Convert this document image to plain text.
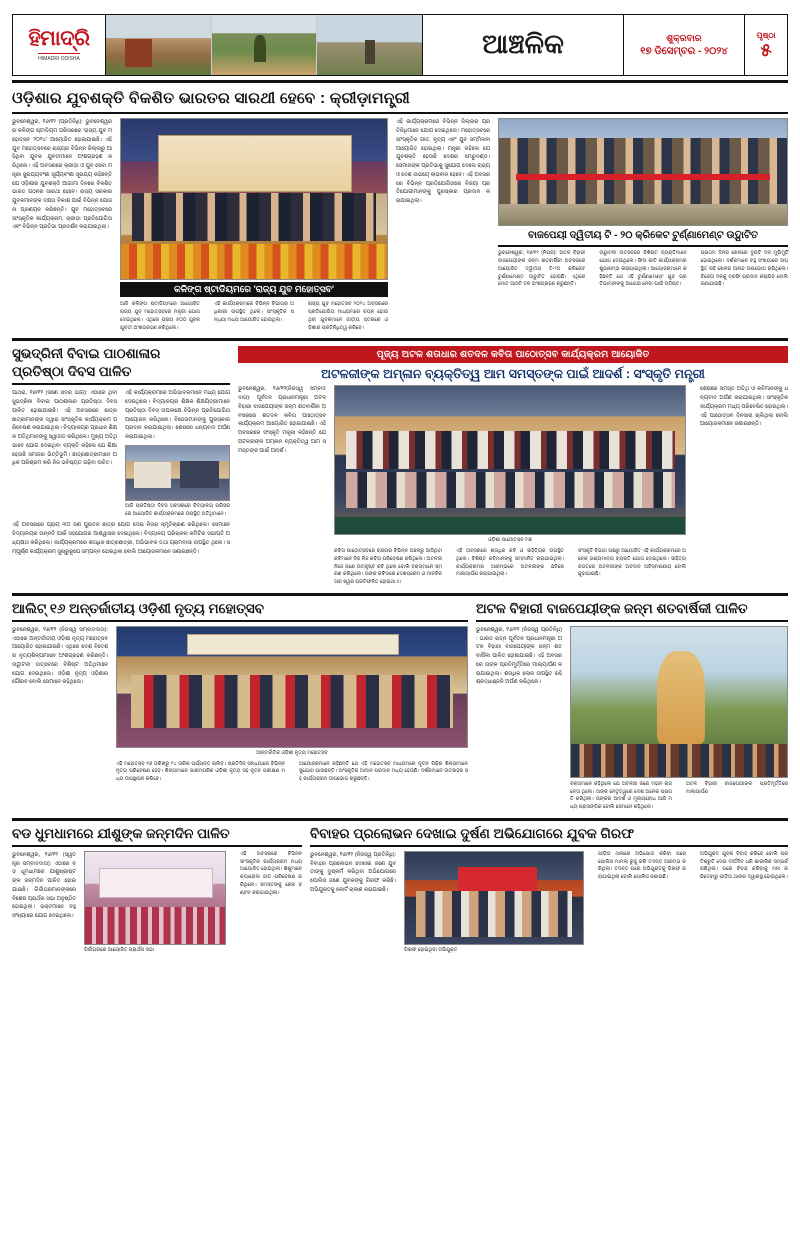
ହିମାଦ୍ରି
HIMADRI ODISHA	ଆଞ୍ଚଳିକ	ଶୁକ୍ରବାର
୧୭ ଡିସେମ୍ବର - ୨୦୨୪
ପୃଷ୍ଠା
୫
ଓଡ଼ିଶାର ଯୁବଶକ୍ତି ବିକଶିତ ଭାରତର ସାରଥୀ ହେବେ : କ୍ରୀଡ଼ାମନ୍ତ୍ରୀ
ଭୁବନେଶ୍ୱର, ୧୬/୧୨ (ପ୍ରତିନିଧି): ଭୁବନେଶ୍ୱରର କଳିଙ୍ଗ ଷ୍ଟାଡିୟମ ପରିସରରେ 'ରାଜ୍ୟ ଯୁବ ମହୋତ୍ସବ ୨୦୨୪' ଆୟୋଜିତ ହୋଇଯାଇଛି। ଏହି ଯୁବ ମହୋତ୍ସବରେ ରାଜ୍ୟର ବିଭିନ୍ନ ଜିଲ୍ଲାରୁ ଆସିଥିବା ଯୁବକ ଯୁବତୀମାନେ ଅଂଶଗ୍ରହଣ କରିଥିଲେ। ଏହି ଅବସରରେ କ୍ରୀଡ଼ା ଓ ଯୁବ ସେବା ମନ୍ତ୍ରୀ ସୁରଯ୍ୟବଂଶୀ ସୂର୍ଯ୍ୟବଂଶୀ ସୂରଯ୍ୟ କହିଛନ୍ତି ଯେ ଓଡ଼ିଶାର ଯୁବଶକ୍ତି ଆଗାମୀ ଦିନରେ ବିକଶିତ ଭାରତ ଗଠନର ସାରଥୀ ହେବେ। ରାଜ୍ୟ ସରକାର ଯୁବକମାନଙ୍କ ଦକ୍ଷତା ବିକାଶ ପାଇଁ ବିଭିନ୍ନ ଯୋଜନା ପ୍ରଣୟନ କରିଛନ୍ତି। ଯୁବ ମହୋତ୍ସବରେ ସାଂସ୍କୃତିକ କାର୍ଯ୍ୟକ୍ରମ, କ୍ରୀଡ଼ା ପ୍ରତିଯୋଗିତା ଏବଂ ବିଭିନ୍ନ ପ୍ରତିଭା ପ୍ରଦର୍ଶନ କରାଯାଇଥିଲା।
କଳିଙ୍ଗ ଷ୍ଟାଡିୟମରେ 'ରାଜ୍ୟ ଯୁବ ମହୋତ୍ସବ'
ଆଜି କଳିଙ୍ଗ ଷ୍ଟାଡିୟମରେ ଆୟୋଜିତ ରାଜ୍ୟ ଯୁବ ମହୋତ୍ସବରେ ମନ୍ତ୍ରୀ ଯୋଗ ଦେଇଥିଲେ। ଏଥିରେ ପ୍ରାୟ ୫୦୦ ଯୁବକ ଯୁବତୀ ଅଂଶଗ୍ରହଣ କରିଥିଲେ।
ଏହି କାର୍ଯ୍ୟକ୍ରମରେ ବିଭିନ୍ନ ବିଭାଗର ଅଧିକାରୀ ଉପସ୍ଥିତ ଥିଲେ। ସାଂସ୍କୃତିକ ସନ୍ଧ୍ୟା ମଧ୍ୟ ଆୟୋଜିତ ହୋଇଥିଲା।
ରାଜ୍ୟ ଯୁବ ମହୋତ୍ସବ ୨୦୨୪ ଅବସରରେ ପ୍ରତିଯୋଗିତା ମାଧ୍ୟମରେ ଚୟନ ହୋଇଥିବା ଯୁବକମାନେ ଜାତୀୟ ସ୍ତରରେ ଓଡ଼ିଶାର ପ୍ରତିନିଧିତ୍ୱ କରିବେ।
ଏହି କାର୍ଯ୍ୟକ୍ରମରେ ବିଭିନ୍ନ ଜିଲ୍ଲାର ପ୍ରତିନିଧିମାନେ ଯୋଗ ଦେଇଥିଲେ। ମହୋତ୍ସବରେ ସାଂସ୍କୃତିକ ଗୀତ, ନୃତ୍ୟ ଏବଂ ଯୁବ ସମ୍ମିଳନୀ ଆୟୋଜିତ ହୋଇଥିଲା। ମନ୍ତ୍ରୀ କହିଲେ ଯେ ଯୁବଶକ୍ତି ହେଉଛି ଦେଶର ମେରୁଦଣ୍ଡ। ସେମାନଙ୍କ ପ୍ରତିଭାକୁ ସୁଯୋଗ ଦେଲେ ରାଜ୍ୟ ଓ ଦେଶ ଉଭୟେ ଲାଭବାନ ହେବେ। ଏହି ଅବସରରେ ବିଭିନ୍ନ ପ୍ରତିଯୋଗିତାରେ ବିଜୟୀ ପ୍ରତିଯୋଗୀମାନଙ୍କୁ ପୁରସ୍କାର ପ୍ରଦାନ କରାଯାଇଥିଲା।
ବାଜପେୟୀ ଦ୍ୱିତୀୟ ଟି - ୨୦ କ୍ରିକେଟ ଟୁର୍ଣ୍ଣାମେଣ୍ଟ ଉଦ୍ଘାଟିତ
ଭୁବନେଶ୍ୱର, ୧୬/୧୨ (ନିପ୍ର): ଅଟଳ ବିହାରୀ ବାଜପେୟୀଙ୍କ ଜନ୍ମ ଶତବାର୍ଷିକୀ ଅବସରରେ ଆୟୋଜିତ ଦ୍ୱିତୀୟ ଟି-୨୦ କ୍ରିକେଟ ଟୁର୍ଣ୍ଣାମେଣ୍ଟ ଉଦ୍ଘାଟିତ ହୋଇଛି। ଏଥିରେ ମୋଟ ଆଠଟି ଦଳ ଅଂଶଗ୍ରହଣ କରୁଛନ୍ତି।
ଉଦ୍ଘାଟନୀ ଉତ୍ସବରେ ବିଶିଷ୍ଟ ବ୍ୟକ୍ତିମାନେ ଯୋଗ ଦେଇଥିଲେ। ଫିତା କାଟି କାର୍ଯ୍ୟକ୍ରମର ଶୁଭାରମ୍ଭ କରାଯାଇଥିଲା। ଆୟୋଜକମାନେ କହିଛନ୍ତି ଯେ ଏହି ଟୁର୍ଣ୍ଣାମେଣ୍ଟ ଯୁବ ପ୍ରତିଭାମାନଙ୍କୁ ଆଗେଇ ନେବା ପାଇଁ ଉଦ୍ଦିଷ୍ଟ।
ପ୍ରଥମ ଦିନର ଖେଳରେ ଦୁଇଟି ଦଳ ମୁହାଁମୁହିଁ ହୋଇଥିଲେ। ଦର୍ଶକମାନେ ବହୁ ସଂଖ୍ୟାରେ ଉପସ୍ଥିତ ରହି ଖେଳର ଆନନ୍ଦ ଉପଭୋଗ କରିଥିଲେ। ବିଜେତା ଦଳକୁ ଟ୍ରଫି ପ୍ରଦାନ କରାଯିବ ବୋଲି ଜଣାଯାଇଛି।
ସୁଭଦ୍ରିନୀ ବିବାଇ ପାଠଶାଳାର
ପ୍ରତିଷ୍ଠା ଦିବସ ପାଳିତ
ପାଥରା, ୧୬/୧୨ (ଜଣେ ସଦର ଭାଗ): ଏଠାରେ ଥିବା ସୁଭଦ୍ରିନୀ ବିବାଇ ପାଠଶାଳାର ପ୍ରତିଷ୍ଠା ଦିବସ ପାଳିତ ହୋଇଯାଇଛି। ଏହି ଅବସରରେ ଛାତ୍ରଛାତ୍ରୀମାନଙ୍କ ଦ୍ୱାରା ସାଂସ୍କୃତିକ କାର୍ଯ୍ୟକ୍ରମ ପରିବେଷଣ କରାଯାଇଥିଲା। ବିଦ୍ୟାଳୟର ପ୍ରଧାନ ଶିକ୍ଷକ ଅତିଥିମାନଙ୍କୁ ସ୍ୱାଗତ କରିଥିଲେ। ମୁଖ୍ୟ ଅତିଥି ଭାବେ ଯୋଗ ଦେଇଥିବା ବ୍ୟକ୍ତି କହିଲେ ଯେ ଶିକ୍ଷା ହେଉଛି ସମାଜର ଭିତ୍ତିଭୂମି। ଛାତ୍ରଛାତ୍ରୀମାନେ ଅଧିକ ପରିଶ୍ରମ କରି ନିଜ ଭବିଷ୍ୟତ ଗଢ଼ିବା ଉଚିତ।
ଏହି କାର୍ଯ୍ୟକ୍ରମରେ ଅଭିଭାବକମାନେ ମଧ୍ୟ ଯୋଗ ଦେଇଥିଲେ। ବିଦ୍ୟାଳୟର ଶିକ୍ଷକ ଶିକ୍ଷୟିତ୍ରୀମାନେ ପ୍ରତିଷ୍ଠା ଦିବସ ଉପଲକ୍ଷେ ବିଭିନ୍ନ ପ୍ରତିଯୋଗିତା ଆୟୋଜନ କରିଥିଲେ। ବିଜେତାମାନଙ୍କୁ ପୁରସ୍କାର ପ୍ରଦାନ କରାଯାଇଥିଲା। ଶେଷରେ ଧନ୍ୟବାଦ ଅର୍ପଣ କରାଯାଇଥିଲା।
ଆଜି ପ୍ରତିଷ୍ଠା ଦିବସ ଅବସରରେ ବିଦ୍ୟାଳୟ ପରିସରରେ ଆୟୋଜିତ କାର୍ଯ୍ୟକ୍ରମରେ ଉପସ୍ଥିତ ଅତିଥିମାନେ।
ଏହି ଅବସରରେ ପ୍ରାୟ ୩୦ ଜଣ ପୁରାତନ ଛାତ୍ର ଯୋଗ ଦେଇ ନିଜର ସ୍ମୃତିଚାରଣ କରିଥିଲେ। ସେମାନେ ବିଦ୍ୟାଳୟର ଉନ୍ନତି ପାଇଁ ସହଯୋଗର ଆଶ୍ୱାସନା ଦେଇଥିଲେ। ବିଦ୍ୟାଳୟ ପରିଚାଳନା କମିଟିର ସଭାପତି ଅଧ୍ୟକ୍ଷତା କରିଥିଲେ। କାର୍ଯ୍ୟକ୍ରମରେ ଶତାଧିକ ଛାତ୍ରଛାତ୍ରୀ, ଅଭିଭାବକ ତଥା ଗ୍ରାମବାସୀ ଉପସ୍ଥିତ ଥିଲେ। ସମ୍ପୂର୍ଣ୍ଣ କାର୍ଯ୍ୟକ୍ରମ ସୁଚାରୁରୂପେ ସମ୍ପନ୍ନ ହୋଇଥିଲା ବୋଲି ଆୟୋଜକମାନେ ଜଣାଇଛନ୍ତି।
ପୂଜ୍ୟ ଅଟଳ ଶତାଧାର ଶତଦଳ କବିତା ପାଠୋତ୍ସବ କାର୍ଯ୍ୟକ୍ରମ ଆୟୋଜିତ
ଅଟଳଜୀଙ୍କ ଅମ୍ଳାନ ବ୍ୟକ୍ତିତ୍ୱ ଆମ ସମସ୍ତଙ୍କ ପାଇଁ ଆଦର୍ଶ : ସଂସ୍କୃତି ମନ୍ତ୍ରୀ
ଭୁବନେଶ୍ୱର, ୧୬/୧୨(ନିଜସ୍ୱ ସମ୍ବାଦଦାତା): ପୂର୍ବତନ ପ୍ରଧାନମନ୍ତ୍ରୀ ଅଟଳ ବିହାରୀ ବାଜପେୟୀଙ୍କ ଜନ୍ମ ଶତବାର୍ଷିକୀ ଅବସରରେ ଶତଦଳ କବିତା ପାଠୋତ୍ସବ କାର୍ଯ୍ୟକ୍ରମ ଆୟୋଜିତ ହୋଇଯାଇଛି। ଏହି ଅବସରରେ ସଂସ୍କୃତି ମନ୍ତ୍ରୀ କହିଛନ୍ତି ଯେ ଅଟଳଜୀଙ୍କ ଅମ୍ଳାନ ବ୍ୟକ୍ତିତ୍ୱ ଆମ ସମସ୍ତଙ୍କ ପାଇଁ ଆଦର୍ଶ।
ଓଡ଼ିଶା ପାଠୋତ୍ସବ ମଞ୍ଚ
କବିତା ପାଠୋତ୍ସବରେ ରାଜ୍ୟର ବିଭିନ୍ନ ଅଞ୍ଚଳରୁ ଆସିଥିବା କବିମାନେ ନିଜ ନିଜ କବିତା ପରିବେଷଣ କରିଥିଲେ। ଅଟଳଜୀ ନିଜେ ଜଣେ ଉତ୍କୃଷ୍ଟ କବି ଥିଲେ ବୋଲି ବକ୍ତାମାନେ ସ୍ମରଣ କରିଥିଲେ। ତାଙ୍କ କବିତାରେ ଦେଶପ୍ରେମ ଓ ମାନବିକତାର ସ୍ୱର ପ୍ରତିଫଳିତ ହୋଇଥାଏ।
ଏହି ଅବସରରେ ଶତାଧିକ କବି ଓ ସାହିତ୍ୟିକ ଉପସ୍ଥିତ ଥିଲେ। ବିଶିଷ୍ଟ କବିମାନଙ୍କୁ ସମ୍ମାନିତ କରାଯାଇଥିଲା। କାର୍ଯ୍ୟକ୍ରମର ଆରମ୍ଭରେ ଅଟଳଜୀଙ୍କ ଛବିରେ ମାଲ୍ୟାର୍ପଣ କରାଯାଇଥିଲା।
ସଂସ୍କୃତି ବିଭାଗ ପକ୍ଷରୁ ଆୟୋଜିତ ଏହି କାର୍ଯ୍ୟକ୍ରମରେ ଅନେକ ଗଣ୍ୟମାନ୍ୟ ବ୍ୟକ୍ତି ଯୋଗ ଦେଇଥିଲେ। ସାହିତ୍ୟ ଜଗତରେ ଅଟଳଜୀଙ୍କ ଅବଦାନ ଅବିସ୍ମରଣୀୟ ବୋଲି କୁହାଯାଇଛି।
ଶେଷରେ ସମସ୍ତ ଅତିଥି ଓ କବିମାନଙ୍କୁ ଧନ୍ୟବାଦ ଅର୍ପଣ କରାଯାଇଥିଲା। ସାଂସ୍କୃତିକ କାର୍ଯ୍ୟକ୍ରମ ମଧ୍ୟ ପରିବେଷିତ ହୋଇଥିଲା। ଏହି ପାଠୋତ୍ସବ ଦିନସାରା ଚାଲିଥିଲା ବୋଲି ଆୟୋଜକମାନେ ଜଣାଇଛନ୍ତି।
ଆଲିଟ୍ ୧୬ ଅନ୍ତର୍ଜାତୀୟ ଓଡ଼ିଶୀ ନୃତ୍ୟ ମହୋତ୍ସବ
ଭୁବନେଶ୍ୱର, ୧୬/୧୨ (ନିଜସ୍ୱ ସମ୍ବାଦଦାତା): ଏଠାରେ ଅନ୍ତର୍ଜାତୀୟ ଓଡ଼ିଶୀ ନୃତ୍ୟ ମହୋତ୍ସବ ଆୟୋଜିତ ହୋଇଯାଇଛି। ଏଥିରେ ଦେଶ ବିଦେଶର ନୃତ୍ୟଶିଳ୍ପୀମାନେ ଅଂଶଗ୍ରହଣ କରିଛନ୍ତି। ଉଦ୍ଘାଟନୀ ଉତ୍ସବରେ ବିଶିଷ୍ଟ ଅତିଥିମାନେ ଯୋଗ ଦେଇଥିଲେ। ଓଡ଼ିଶୀ ନୃତ୍ୟ ଓଡ଼ିଶାର ଗୌରବ ବୋଲି ସେମାନେ କହିଥିଲେ।
ଆନ୍ତର୍ଜାତିକ ଓଡ଼ିଶୀ ନୃତ୍ୟ ମହୋତ୍ସବ
ଏହି ମହୋତ୍ସବ ୧୬ ତାରିଖରୁ ୨୪ ତାରିଖ ପର୍ଯ୍ୟନ୍ତ ଚାଲିବ। ପ୍ରତିଦିନ ସନ୍ଧ୍ୟାରେ ବିଭିନ୍ନ ନୃତ୍ୟ ପରିବେଷଣ ହେବ। ଶିଳ୍ପୀମାନେ ପାରମ୍ପରିକ ଓଡ଼ିଶୀ ନୃତ୍ୟ ସହ ନୂତନ ପରୀକ୍ଷଣ ମଧ୍ୟ ଉପସ୍ଥାପନ କରିବେ।
ଆୟୋଜକମାନେ କହିଛନ୍ତି ଯେ ଏହି ମହୋତ୍ସବ ମାଧ୍ୟମରେ ନୂତନ ପିଢ଼ିର ଶିଳ୍ପୀମାନେ ସୁଯୋଗ ପାଉଛନ୍ତି। ସାଂସ୍କୃତିକ ଆଦାନ ପ୍ରଦାନ ମଧ୍ୟ ହେଉଛି। ଦର୍ଶକମାନେ ଉତ୍ସାହର ସହ କାର୍ଯ୍ୟକ୍ରମ ଉପଭୋଗ କରୁଛନ୍ତି।
ଅଟଳ ବିହାରୀ ବାଜପେୟୀଙ୍କ ଜନ୍ମ ଶତବାର୍ଷିକୀ ପାଳିତ
ଭୁବନେଶ୍ୱର, ୧୬/୧୨ (ନିଜସ୍ୱ ପ୍ରତିନିଧି) : ଭାରତ ରତ୍ନ ପୂର୍ବତନ ପ୍ରଧାନମନ୍ତ୍ରୀ ଅଟଳ ବିହାରୀ ବାଜପେୟୀଙ୍କ ଜନ୍ମ ଶତବାର୍ଷିକୀ ପାଳିତ ହୋଇଯାଇଛି। ଏହି ଅବସରରେ ତାଙ୍କ ପ୍ରତିମୂର୍ତ୍ତିରେ ମାଲ୍ୟାର୍ପଣ କରାଯାଇଥିଲା। ଶତାଧିକ ଲୋକ ଉପସ୍ଥିତ ରହି ଶ୍ରଦ୍ଧାଞ୍ଜଳି ଅର୍ପଣ କରିଥିଲେ।
ବକ୍ତାମାନେ କହିଥିଲେ ଯେ ଅଟଳଜୀ ଜଣେ ମହାନ ରାଜନେତା ଥିଲେ। ତାଙ୍କ ନେତୃତ୍ୱରେ ଦେଶ ଅନେକ ପ୍ରଗତି କରିଥିଲା। ତାଙ୍କର ଆଦର୍ଶ ଓ ମୂଲ୍ୟବୋଧ ଆଜି ମଧ୍ୟ ପ୍ରାସଙ୍ଗିକ ବୋଲି ସେମାନେ କହିଥିଲେ।
ଅଟଳ ବିହାରୀ ବାଜପେୟୀଙ୍କ ପ୍ରତିମୂର୍ତ୍ତିରେ ମାଲ୍ୟାର୍ପଣ
ବଡ ଧୁମଧାମରେ ଯୀଶୁଙ୍କ ଜନ୍ମଦିନ ପାଳିତ
ଭୁବନେଶ୍ୱର, ୧୬/୧୨ (ସ୍ୱତନ୍ତ୍ର ସମ୍ବାଦଦାତା): ଏଠାରେ ବଡ଼ ଧୂମଧାମରେ ଯୀଶୁଖ୍ରୀଷ୍ଟଙ୍କ ଜନ୍ମଦିନ ପାଳିତ ହୋଇଯାଇଛି। ଗିର୍ଜାଘରମାନଙ୍କରେ ବିଶେଷ ପ୍ରାର୍ଥନା ସଭା ଅନୁଷ୍ଠିତ ହୋଇଥିଲା। ଭକ୍ତମାନେ ବହୁ ସଂଖ୍ୟାରେ ଯୋଗ ଦେଇଥିଲେ।
ଗିର୍ଜାଘରରେ ଆୟୋଜିତ ପ୍ରାର୍ଥନା ସଭା
ଏହି ଅବସରରେ ବିଭିନ୍ନ ସାଂସ୍କୃତିକ କାର୍ଯ୍ୟକ୍ରମ ମଧ୍ୟ ଆୟୋଜିତ ହୋଇଥିଲା। ଶିଶୁମାନେ କ୍ୟାରୋଲ ଗୀତ ପରିବେଷଣ କରିଥିଲେ। ସମସ୍ତଙ୍କୁ କେକ ବଣ୍ଟନ କରାଯାଇଥିଲା।
ବିବାହର ପ୍ରଲୋଭନ ଦେଖାଇ ଦୁର୍ଷଣ ଅଭିଯୋଗରେ ଯୁବକ ଗିରଫ
ଭୁବନେଶ୍ୱର, ୧୬/୧୨ (ନିଜସ୍ୱ ପ୍ରତିନିଧି): ବିବାହର ପ୍ରଲୋଭନ ଦେଖାଇ ଜଣେ ଯୁବତୀଙ୍କୁ ଦୁଷ୍କର୍ମ କରିଥିବା ଅଭିଯୋଗରେ ପୋଲିସ ଜଣେ ଯୁବକଙ୍କୁ ଗିରଫ କରିଛି। ଅଭିଯୁକ୍ତକୁ କୋର୍ଟ ଚାଲାଣ କରାଯାଇଛି।
ଗିରଫ ହୋଇଥିବା ଅଭିଯୁକ୍ତ
ପୀଡ଼ିତା ଥାନାରେ ଅଭିଯୋଗ କରିବା ପରେ ପୋଲିସ ମାମଲା ରୁଜୁ କରି ତଦନ୍ତ ଆରମ୍ଭ କରିଥିଲା। ତଦନ୍ତ ପରେ ଅଭିଯୁକ୍ତକୁ ଗିରଫ କରାଯାଇଥିଲା ବୋଲି ପୋଲିସ ଜଣାଇଛି।
ଅଭିଯୁକ୍ତ ଯୁବକ ବିବାହ କରିବେ ବୋଲି ପ୍ରତିଶ୍ରୁତି ଦେଇ ଦୀର୍ଘଦିନ ଧରି ଶାରୀରିକ ସମ୍ପର୍କ ରଖିଥିଲା। ପରେ ବିବାହ କରିବାକୁ ମନା କରିଦେବାରୁ ପୀଡ଼ିତା ଥାନାର ଦ୍ୱାରସ୍ଥ ହୋଇଥିଲେ।
